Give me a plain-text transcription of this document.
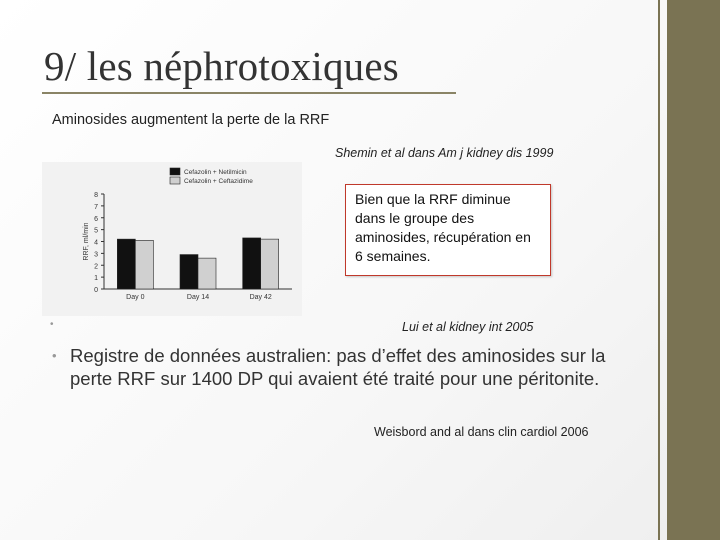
9/ les néphrotoxiques
Aminosides augmentent la perte de la RRF
Shemin et al dans Am j kidney dis 1999
Cefazolin + Netilmicin
Cefazolin + Ceftazidime
0
1
2
3
4
5
6
7
8
RRF, ml/min
Day 0	Day 14	Day 42
Bien que la RRF diminue dans le groupe des aminosides, récupération en 6 semaines.
•	Lui et al kidney int 2005
• Registre de données australien: pas d’effet des aminosides sur la perte RRF sur 1400 DP qui avaient été traité pour une péritonite.
Weisbord and al dans clin cardiol 2006
